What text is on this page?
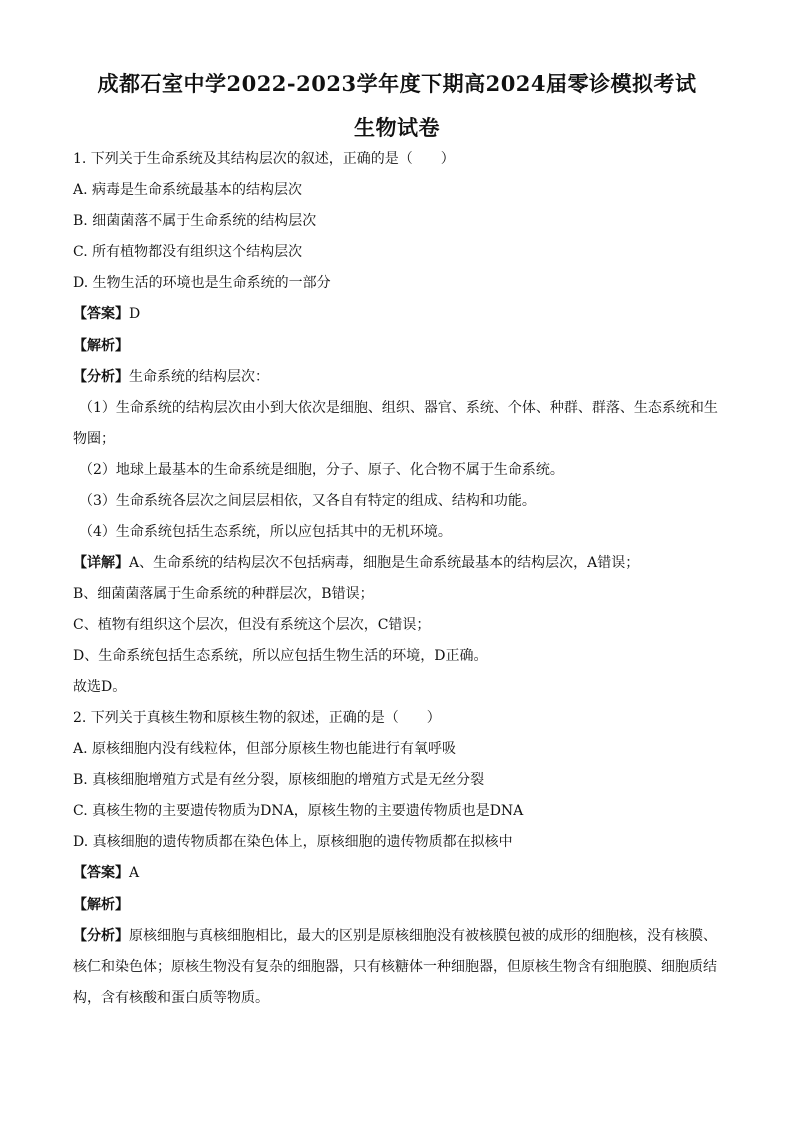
成都石室中学2022-2023学年度下期高2024届零诊模拟考试
生物试卷
1. 下列关于生命系统及其结构层次的叙述，正确的是（　　）
A. 病毒是生命系统最基本的结构层次
B. 细菌菌落不属于生命系统的结构层次
C. 所有植物都没有组织这个结构层次
D. 生物生活的环境也是生命系统的一部分
【答案】D
【解析】
【分析】生命系统的结构层次：
（1）生命系统的结构层次由小到大依次是细胞、组织、器官、系统、个体、种群、群落、生态系统和生
物圈；
（2）地球上最基本的生命系统是细胞，分子、原子、化合物不属于生命系统。
（3）生命系统各层次之间层层相依，又各自有特定的组成、结构和功能。
（4）生命系统包括生态系统，所以应包括其中的无机环境。
【详解】A、生命系统的结构层次不包括病毒，细胞是生命系统最基本的结构层次，A错误；
B、细菌菌落属于生命系统的种群层次，B错误；
C、植物有组织这个层次，但没有系统这个层次，C错误；
D、生命系统包括生态系统，所以应包括生物生活的环境，D正确。
故选D。
2. 下列关于真核生物和原核生物的叙述，正确的是（　　）
A. 原核细胞内没有线粒体，但部分原核生物也能进行有氧呼吸
B. 真核细胞增殖方式是有丝分裂，原核细胞的增殖方式是无丝分裂
C. 真核生物的主要遗传物质为DNA，原核生物的主要遗传物质也是DNA
D. 真核细胞的遗传物质都在染色体上，原核细胞的遗传物质都在拟核中
【答案】A
【解析】
【分析】原核细胞与真核细胞相比，最大的区别是原核细胞没有被核膜包被的成形的细胞核，没有核膜、
核仁和染色体；原核生物没有复杂的细胞器，只有核糖体一种细胞器，但原核生物含有细胞膜、细胞质结
构，含有核酸和蛋白质等物质。
